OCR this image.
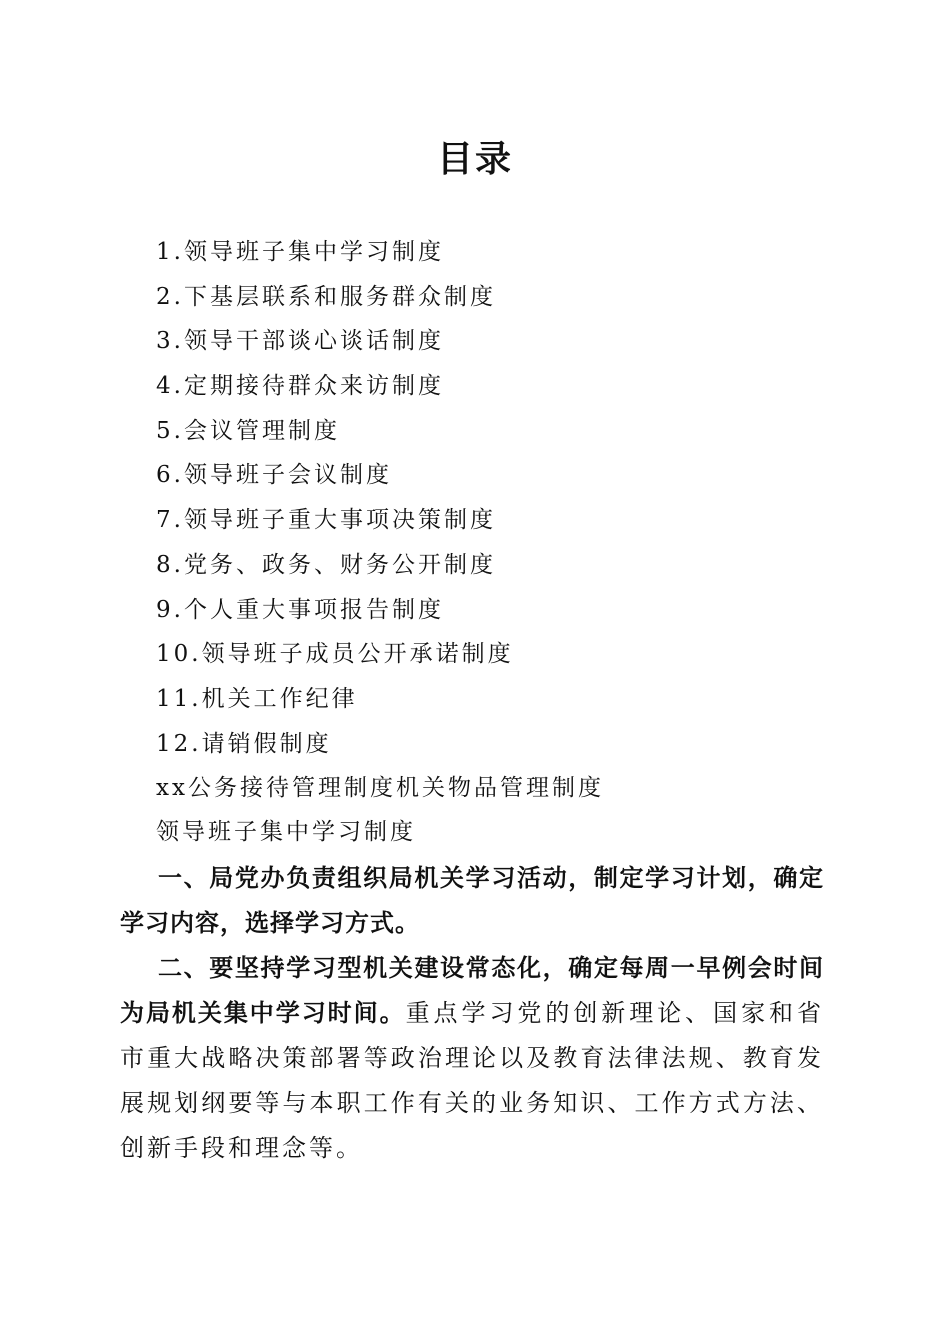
目录
1.领导班子集中学习制度
2.下基层联系和服务群众制度
3.领导干部谈心谈话制度
4.定期接待群众来访制度
5.会议管理制度
6.领导班子会议制度
7.领导班子重大事项决策制度
8.党务、政务、财务公开制度
9.个人重大事项报告制度
10.领导班子成员公开承诺制度
11.机关工作纪律
12.请销假制度
xx公务接待管理制度机关物品管理制度
领导班子集中学习制度

一、局党办负责组织局机关学习活动，制定学习计划，确定学习内容，选择学习方式。

二、要坚持学习型机关建设常态化，确定每周一早例会时间为局机关集中学习时间。重点学习党的创新理论、国家和省市重大战略决策部署等政治理论以及教育法律法规、教育发展规划纲要等与本职工作有关的业务知识、工作方式方法、创新手段和理念等。
